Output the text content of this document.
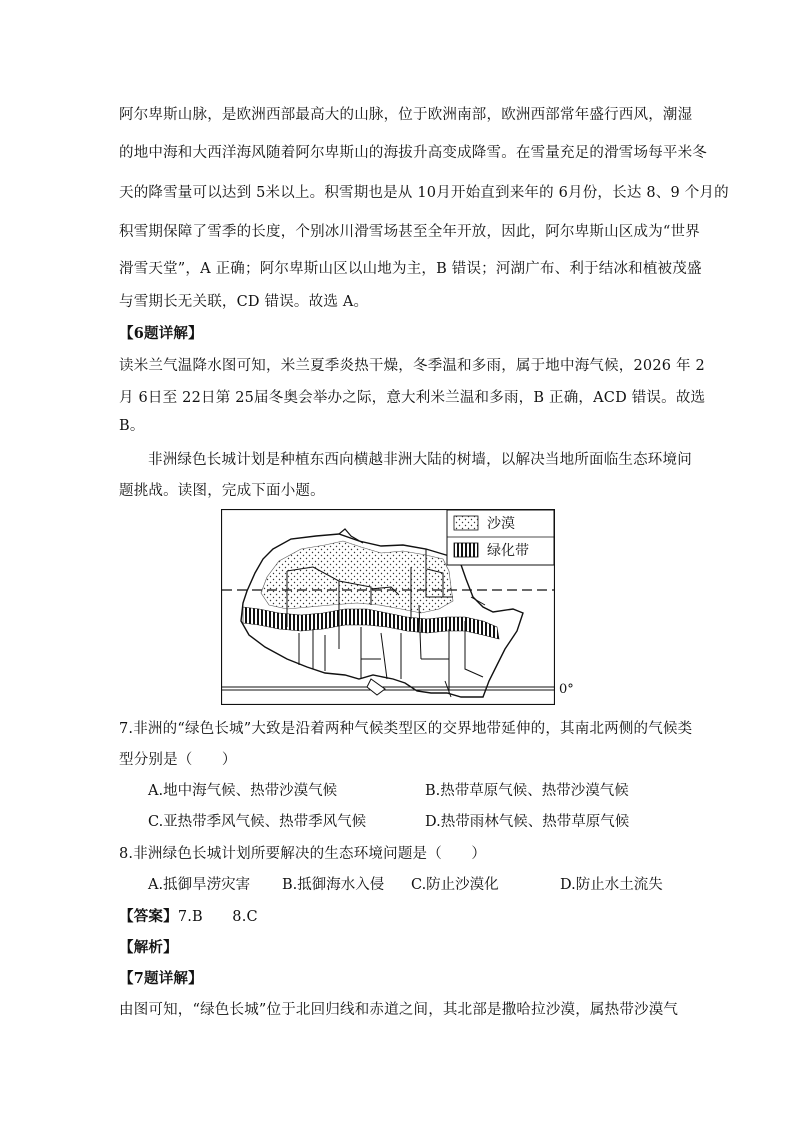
阿尔卑斯山脉，是欧洲西部最高大的山脉，位于欧洲南部，欧洲西部常年盛行西风，潮湿
的地中海和大西洋海风随着阿尔卑斯山的海拔升高变成降雪。在雪量充足的滑雪场每平米冬
天的降雪量可以达到 5米以上。积雪期也是从 10月开始直到来年的 6月份，长达 8、9 个月的
积雪期保障了雪季的长度，个别冰川滑雪场甚至全年开放，因此，阿尔卑斯山区成为“世界
滑雪天堂”，A 正确；阿尔卑斯山区以山地为主，B 错误；河湖广布、利于结冰和植被茂盛
与雪期长无关联，CD 错误。故选 A。
【6题详解】
读米兰气温降水图可知，米兰夏季炎热干燥，冬季温和多雨，属于地中海气候，2026 年 2
月 6日至 22日第 25届冬奥会举办之际，意大利米兰温和多雨，B 正确，ACD 错误。故选
B。
非洲绿色长城计划是种植东西向横越非洲大陆的树墙，以解决当地所面临生态环境问
题挑战。读图，完成下面小题。
沙漠
绿化带
0°
7.非洲的“绿色长城”大致是沿着两种气候类型区的交界地带延伸的，其南北两侧的气候类
型分别是（　　）
A.地中海气候、热带沙漠气候	B.热带草原气候、热带沙漠气候
C.亚热带季风气候、热带季风气候	D.热带雨林气候、热带草原气候
8.非洲绿色长城计划所要解决的生态环境问题是（　　）
A.抵御旱涝灾害 B.抵御海水入侵 C.防止沙漠化	D.防止水土流失
【答案】7.B　　8.C
【解析】
【7题详解】
由图可知，“绿色长城”位于北回归线和赤道之间，其北部是撒哈拉沙漠，属热带沙漠气
